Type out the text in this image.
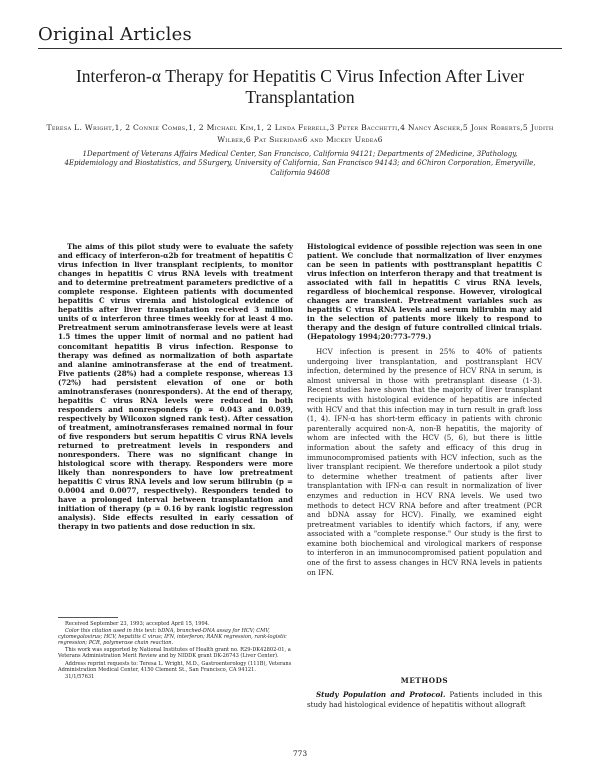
Original Articles
Interferon-α Therapy for Hepatitis C Virus Infection After Liver Transplantation
Teresa L. Wright,1, 2 Connie Combs,1, 2 Michael Kim,1, 2 Linda Ferrell,3 Peter Bacchetti,4 Nancy Ascher,5 John Roberts,5 Judith Wilber,6 Pat Sheridan6 and Mickey Urdea6
1Department of Veterans Affairs Medical Center, San Francisco, California 94121; Departments of 2Medicine, 3Pathology, 4Epidemiology and Biostatistics, and 5Surgery, University of California, San Francisco 94143; and 6Chiron Corporation, Emeryville, California 94608
The aims of this pilot study were to evaluate the safety and efficacy of interferon-α2b for treatment of hepatitis C virus infection in liver transplant recipients, to monitor changes in hepatitis C virus RNA levels with treatment and to determine pretreatment parameters predictive of a complete response. Eighteen patients with documented hepatitis C virus viremia and histological evidence of hepatitis after liver transplantation received 3 million units of α interferon three times weekly for at least 4 mo. Pretreatment serum aminotransferase levels were at least 1.5 times the upper limit of normal and no patient had concomitant hepatitis B virus infection. Response to therapy was defined as normalization of both aspartate and alanine aminotransferase at the end of treatment. Five patients (28%) had a complete response, whereas 13 (72%) had persistent elevation of one or both aminotransferases (nonresponders). At the end of therapy, hepatitis C virus RNA levels were reduced in both responders and nonresponders (p = 0.043 and 0.039, respectively by Wilcoxon signed rank test). After cessation of treatment, aminotransferases remained normal in four of five responders but serum hepatitis C virus RNA levels returned to pretreatment levels in responders and nonresponders. There was no significant change in histological score with therapy. Responders were more likely than nonresponders to have low pretreatment hepatitis C virus RNA levels and low serum bilirubin (p = 0.0004 and 0.0077, respectively). Responders tended to have a prolonged interval between transplantation and initiation of therapy (p = 0.16 by rank logistic regression analysis). Side effects resulted in early cessation of therapy in two patients and dose reduction in six.
Histological evidence of possible rejection was seen in one patient. We conclude that normalization of liver enzymes can be seen in patients with posttransplant hepatitis C virus infection on interferon therapy and that treatment is associated with fall in hepatitis C virus RNA levels, regardless of biochemical response. However, virological changes are transient. Pretreatment variables such as hepatitis C virus RNA levels and serum bilirubin may aid in the selection of patients more likely to respond to therapy and the design of future controlled clinical trials. (Hepatology 1994;20:773-779.)
HCV infection is present in 25% to 40% of patients undergoing liver transplantation, and posttransplant HCV infection, determined by the presence of HCV RNA in serum, is almost universal in those with pretransplant disease (1-3). Recent studies have shown that the majority of liver transplant recipients with histological evidence of hepatitis are infected with HCV and that this infection may in turn result in graft loss (1, 4). IFN-α has short-term efficacy in patients with chronic parenterally acquired non-A, non-B hepatitis, the majority of whom are infected with the HCV (5, 6), but there is little information about the safety and efficacy of this drug in immunocompromised patients with HCV infection, such as the liver transplant recipient. We therefore undertook a pilot study to determine whether treatment of patients after liver transplantation with IFN-α can result in normalization of liver enzymes and reduction in HCV RNA levels. We used two methods to detect HCV RNA before and after treatment (PCR and bDNA assay for HCV). Finally, we examined eight pretreatment variables to identify which factors, if any, were associated with a "complete response." Our study is the first to examine both biochemical and virological markers of response to interferon in an immunocompromised patient population and one of the first to assess changes in HCV RNA levels in patients on IFN.
METHODS
Study Population and Protocol. Patients included in this study had histological evidence of hepatitis without allograft

Received September 23, 1993; accepted April 15, 1994.

Color this citation used in this text: bDNA, branched-DNA assay for HCV; CMV, cytomegalovirus; HCV, hepatitis C virus; IFN, interferon; RANK regression, rank-logistic regression; PCR, polymerase chain reaction.

This work was supported by National Institutes of Health grant no. R29-DK42802-01, a Veterans Administration Merit Review and by NIDDK grant DK-26743 (Liver Center).

Address reprint requests to: Teresa L. Wright, M.D., Gastroenterology (111B), Veterans Administration Medical Center, 4150 Clement St., San Francisco, CA 94121.

31/1/57631

773
